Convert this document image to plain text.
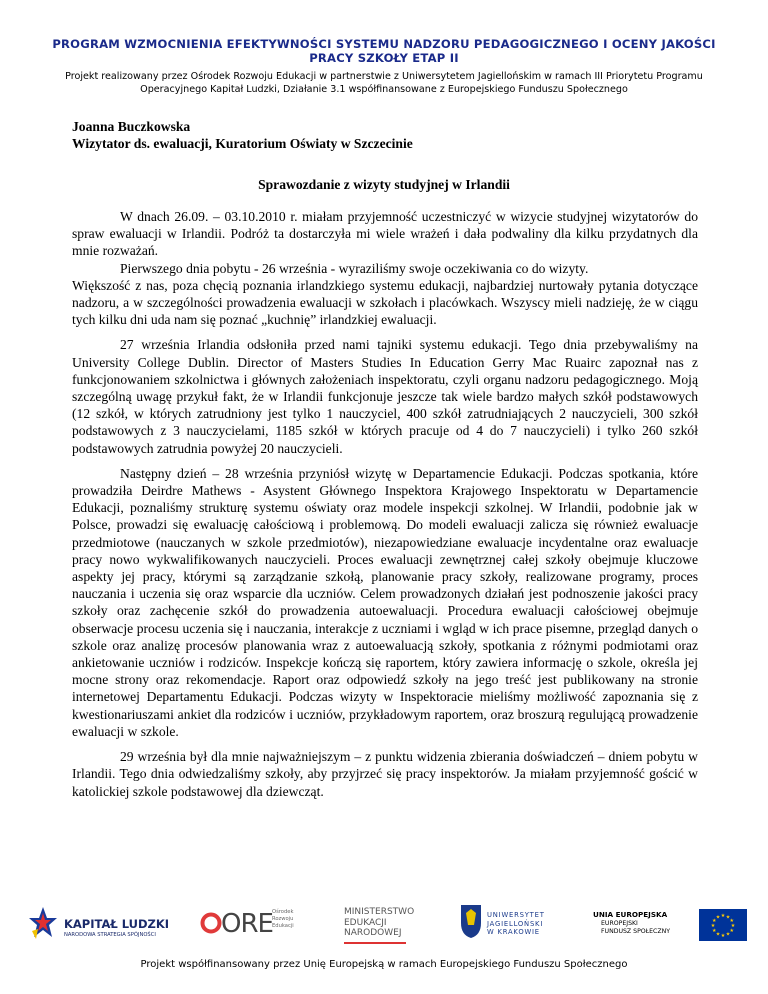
PROGRAM WZMOCNIENIA EFEKTYWNOŚCI SYSTEMU NADZORU PEDAGOGICZNEGO I OCENY JAKOŚCI PRACY SZKOŁY ETAP II
Projekt realizowany przez Ośrodek Rozwoju Edukacji w partnerstwie z Uniwersytetem Jagiellońskim w ramach III Priorytetu Programu Operacyjnego Kapitał Ludzki, Działanie 3.1 współfinansowane z Europejskiego Funduszu Społecznego
Joanna Buczkowska
Wizytator ds. ewaluacji, Kuratorium Oświaty w Szczecinie
Sprawozdanie z wizyty studyjnej w Irlandii

W dnach 26.09. – 03.10.2010 r. miałam przyjemność uczestniczyć w wizycie studyjnej wizytatorów do spraw ewaluacji w Irlandii. Podróż ta dostarczyła mi wiele wrażeń i dała podwaliny dla kilku przydatnych dla mnie rozważań.

Pierwszego dnia pobytu - 26 września - wyraziliśmy swoje oczekiwania co do wizyty.

Większość z nas, poza chęcią poznania irlandzkiego systemu edukacji, najbardziej nurtowały pytania dotyczące nadzoru, a w szczególności prowadzenia ewaluacji w szkołach i placówkach. Wszyscy mieli nadzieję, że w ciągu tych kilku dni uda nam się poznać „kuchnię” irlandzkiej ewaluacji.

27 września Irlandia odsłoniła przed nami tajniki systemu edukacji. Tego dnia przebywaliśmy na University College Dublin. Director of Masters Studies In Education Gerry Mac Ruairc zapoznał nas z funkcjonowaniem szkolnictwa i głównych założeniach inspektoratu, czyli organu nadzoru pedagogicznego. Moją szczególną uwagę przykuł fakt, że w Irlandii funkcjonuje jeszcze tak wiele bardzo małych szkół podstawowych (12 szkół, w których zatrudniony jest tylko 1 nauczyciel, 400 szkół zatrudniających 2 nauczycieli, 300 szkół podstawowych z 3 nauczycielami, 1185 szkół w których pracuje od 4 do 7 nauczycieli) i tylko 260 szkół podstawowych zatrudnia powyżej 20 nauczycieli.

Następny dzień – 28 września przyniósł wizytę w Departamencie Edukacji. Podczas spotkania, które prowadziła Deirdre Mathews - Asystent Głównego Inspektora Krajowego Inspektoratu w Departamencie Edukacji, poznaliśmy strukturę systemu oświaty oraz modele inspekcji szkolnej. W Irlandii, podobnie jak w Polsce, prowadzi się ewaluację całościową i problemową. Do modeli ewaluacji zalicza się również ewaluacje przedmiotowe (nauczanych w szkole przedmiotów), niezapowiedziane ewaluacje incydentalne oraz ewaluacje pracy nowo wykwalifikowanych nauczycieli. Proces ewaluacji zewnętrznej całej szkoły obejmuje kluczowe aspekty jej pracy, którymi są zarządzanie szkołą, planowanie pracy szkoły, realizowane programy, proces nauczania i uczenia się oraz wsparcie dla uczniów. Celem prowadzonych działań jest podnoszenie jakości pracy szkoły oraz zachęcenie szkół do prowadzenia autoewaluacji. Procedura ewaluacji całościowej obejmuje obserwacje procesu uczenia się i nauczania, interakcje z uczniami i wgląd w ich prace pisemne, przegląd danych o szkole oraz analizę procesów planowania wraz z autoewaluacją szkoły, spotkania z różnymi podmiotami oraz ankietowanie uczniów i rodziców. Inspekcje kończą się raportem, który zawiera informację o szkole, określa jej mocne strony oraz rekomendacje. Raport oraz odpowiedź szkoły na jego treść jest publikowany na stronie internetowej Departamentu Edukacji. Podczas wizyty w Inspektoracie mieliśmy możliwość zapoznania się z kwestionariuszami ankiet dla rodziców i uczniów, przykładowym raportem, oraz broszurą regulującą prowadzenie ewaluacji w szkole.

29 września był dla mnie najważniejszym – z punktu widzenia zbierania doświadczeń – dniem pobytu w Irlandii. Tego dnia odwiedzaliśmy szkoły, aby przyjrzeć się pracy inspektorów. Ja miałam przyjemność gościć w katolickiej szkole podstawowej dla dziewcząt.

KAPITAŁ LUDZKI
NARODOWA STRATEGIA SPÓJNOŚCI	ORE Ośrodek
Rozwoju
Edukacji
MINISTERSTWO
EDUKACJI
NARODOWEJ
UNIWERSYTET
JAGIELLOŃSKI
W KRAKOWIE
UNIA EUROPEJSKA
EUROPEJSKI
FUNDUSZ SPOŁECZNY
★ ★
★
★
★
★
★
★
★
★
★
★
Projekt współfinansowany przez Unię Europejską w ramach Europejskiego Funduszu Społecznego
